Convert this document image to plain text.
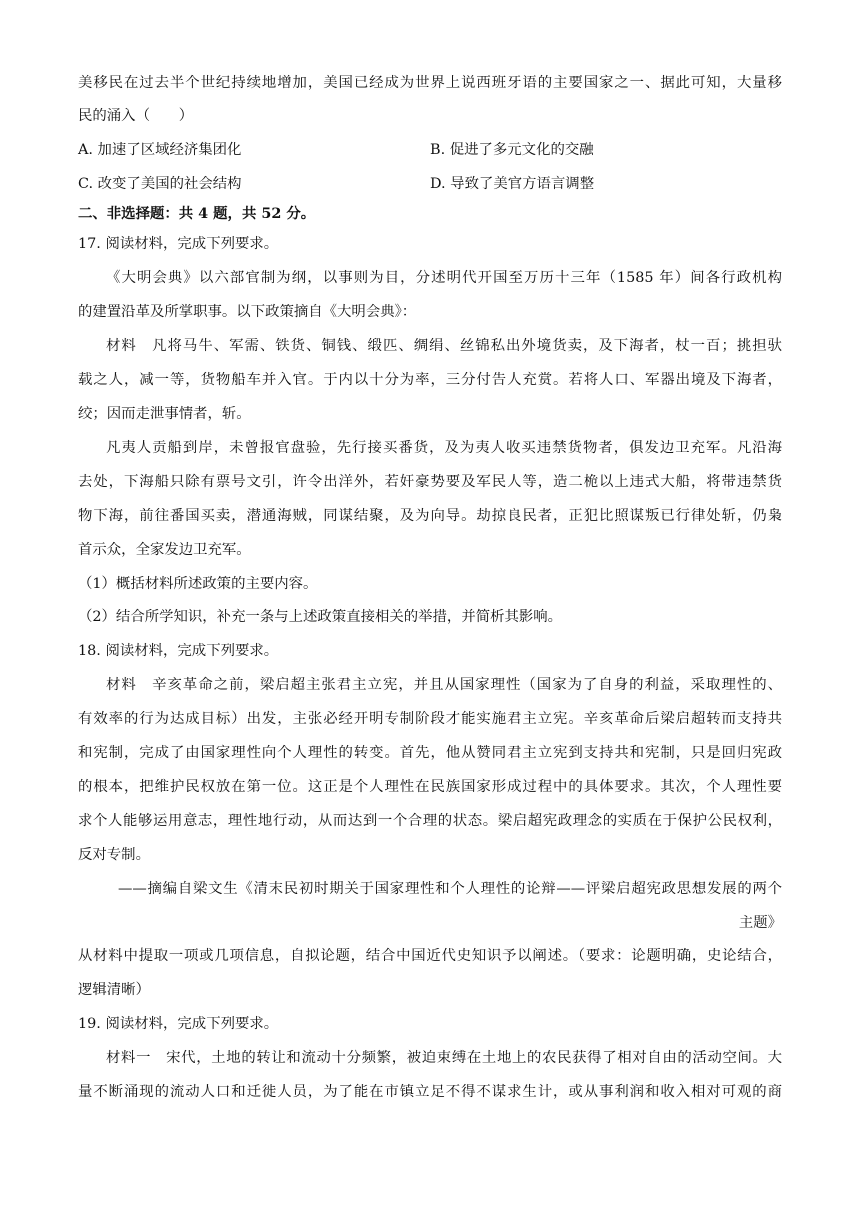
美移民在过去半个世纪持续地增加，美国已经成为世界上说西班牙语的主要国家之一、据此可知，大量移
民的涌入（　　）
A. 加速了区域经济集团化	B. 促进了多元文化的交融
C. 改变了美国的社会结构	D. 导致了美官方语言调整
二、非选择题：共 4 题，共 52 分。
17. 阅读材料，完成下列要求。
《大明会典》以六部官制为纲，以事则为目，分述明代开国至万历十三年（1585 年）间各行政机构
的建置沿革及所掌职事。以下政策摘自《大明会典》：
材料　凡将马牛、军需、铁货、铜钱、缎匹、绸绢、丝锦私出外境货卖，及下海者，杖一百；挑担驮
载之人，减一等，货物船车并入官。于内以十分为率，三分付告人充赏。若将人口、军器出境及下海者，
绞；因而走泄事情者，斩。
凡夷人贡船到岸，未曾报官盘验，先行接买番货，及为夷人收买违禁货物者，俱发边卫充军。凡沿海
去处，下海船只除有票号文引，许令出洋外，若奸豪势要及军民人等，造二桅以上违式大船，将带违禁货
物下海，前往番国买卖，潜通海贼，同谋结聚，及为向导。劫掠良民者，正犯比照谋叛已行律处斩，仍枭
首示众，全家发边卫充军。
（1）概括材料所述政策的主要内容。
（2）结合所学知识，补充一条与上述政策直接相关的举措，并简析其影响。
18. 阅读材料，完成下列要求。
材料　辛亥革命之前，梁启超主张君主立宪，并且从国家理性（国家为了自身的利益，采取理性的、
有效率的行为达成目标）出发，主张必经开明专制阶段才能实施君主立宪。辛亥革命后梁启超转而支持共
和宪制，完成了由国家理性向个人理性的转变。首先，他从赞同君主立宪到支持共和宪制，只是回归宪政
的根本，把维护民权放在第一位。这正是个人理性在民族国家形成过程中的具体要求。其次，个人理性要
求个人能够运用意志，理性地行动，从而达到一个合理的状态。梁启超宪政理念的实质在于保护公民权利，
反对专制。
——摘编自梁文生《清末民初时期关于国家理性和个人理性的论辩——评梁启超宪政思想发展的两个
主题》
从材料中提取一项或几项信息，自拟论题，结合中国近代史知识予以阐述。（要求：论题明确，史论结合，
逻辑清晰）
19. 阅读材料，完成下列要求。
材料一　宋代，土地的转让和流动十分频繁，被迫束缚在土地上的农民获得了相对自由的活动空间。大
量不断涌现的流动人口和迁徙人员，为了能在市镇立足不得不谋求生计，或从事利润和收入相对可观的商
